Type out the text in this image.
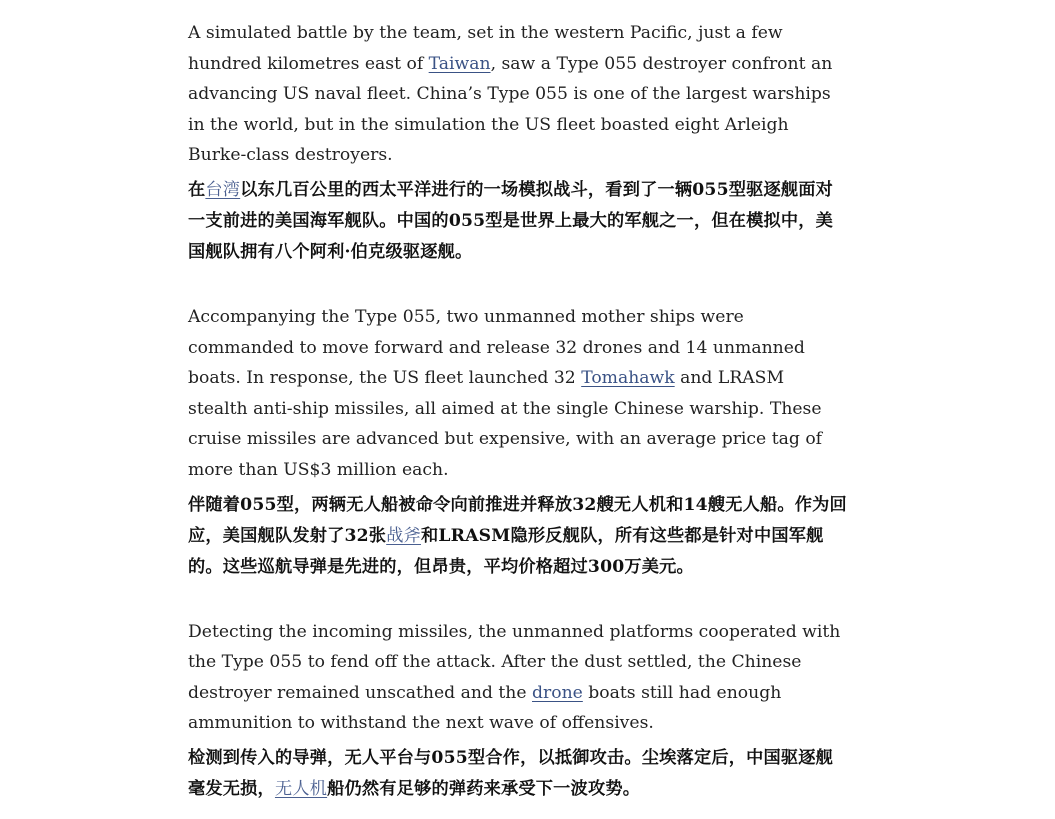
A simulated battle by the team, set in the western Pacific, just a few hundred kilometres east of Taiwan, saw a Type 055 destroyer confront an advancing US naval fleet. China’s Type 055 is one of the largest warships in the world, but in the simulation the US fleet boasted eight Arleigh Burke-class destroyers.

在台湾以东几百公里的西太平洋进行的一场模拟战斗，看到了一辆055型驱逐舰面对一支前进的美国海军舰队。中国的055型是世界上最大的军舰之一，但在模拟中，美国舰队拥有八个阿利·伯克级驱逐舰。

Accompanying the Type 055, two unmanned mother ships were commanded to move forward and release 32 drones and 14 unmanned boats. In response, the US fleet launched 32 Tomahawk and LRASM stealth anti-ship missiles, all aimed at the single Chinese warship. These cruise missiles are advanced but expensive, with an average price tag of more than US$3 million each.

伴随着055型，两辆无人船被命令向前推进并释放32艘无人机和14艘无人船。作为回应，美国舰队发射了32张战斧和LRASM隐形反舰队，所有这些都是针对中国军舰的。这些巡航导弹是先进的，但昂贵，平均价格超过300万美元。

Detecting the incoming missiles, the unmanned platforms cooperated with the Type 055 to fend off the attack. After the dust settled, the Chinese destroyer remained unscathed and the drone boats still had enough ammunition to withstand the next wave of offensives.

检测到传入的导弹，无人平台与055型合作，以抵御攻击。尘埃落定后，中国驱逐舰毫发无损，无人机船仍然有足够的弹药来承受下一波攻势。
